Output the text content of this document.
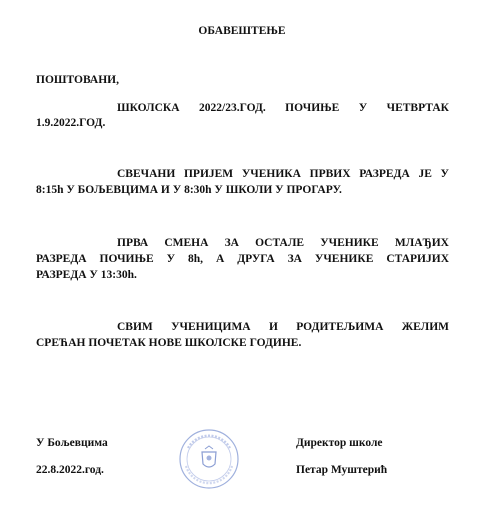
ОБАВЕШТЕЊЕ
ПОШТОВАНИ,
ШКОЛСКА 2022/23.ГОД. ПОЧИЊЕ У ЧЕТВРТАК
1.9.2022.ГОД.
СВЕЧАНИ ПРИЈЕМ УЧЕНИКА ПРВИХ РАЗРЕДА ЈЕ У
8:15h У БОЉЕВЦИМА И У 8:30h У ШКОЛИ У ПРОГАРУ.
ПРВА СМЕНА ЗА ОСТАЛЕ УЧЕНИКЕ МЛАЂИХ
РАЗРЕДА ПОЧИЊЕ У 8h, А ДРУГА ЗА УЧЕНИКЕ СТАРИЈИХ
РАЗРЕДА У 13:30h.
СВИМ УЧЕНИЦИМА И РОДИТЕЉИМА ЖЕЛИМ
СРЕЋАН ПОЧЕТАК НОВЕ ШКОЛСКЕ ГОДИНЕ.
У Бољевцима
22.8.2022.год.
Директор школе
Петар Муштерић
